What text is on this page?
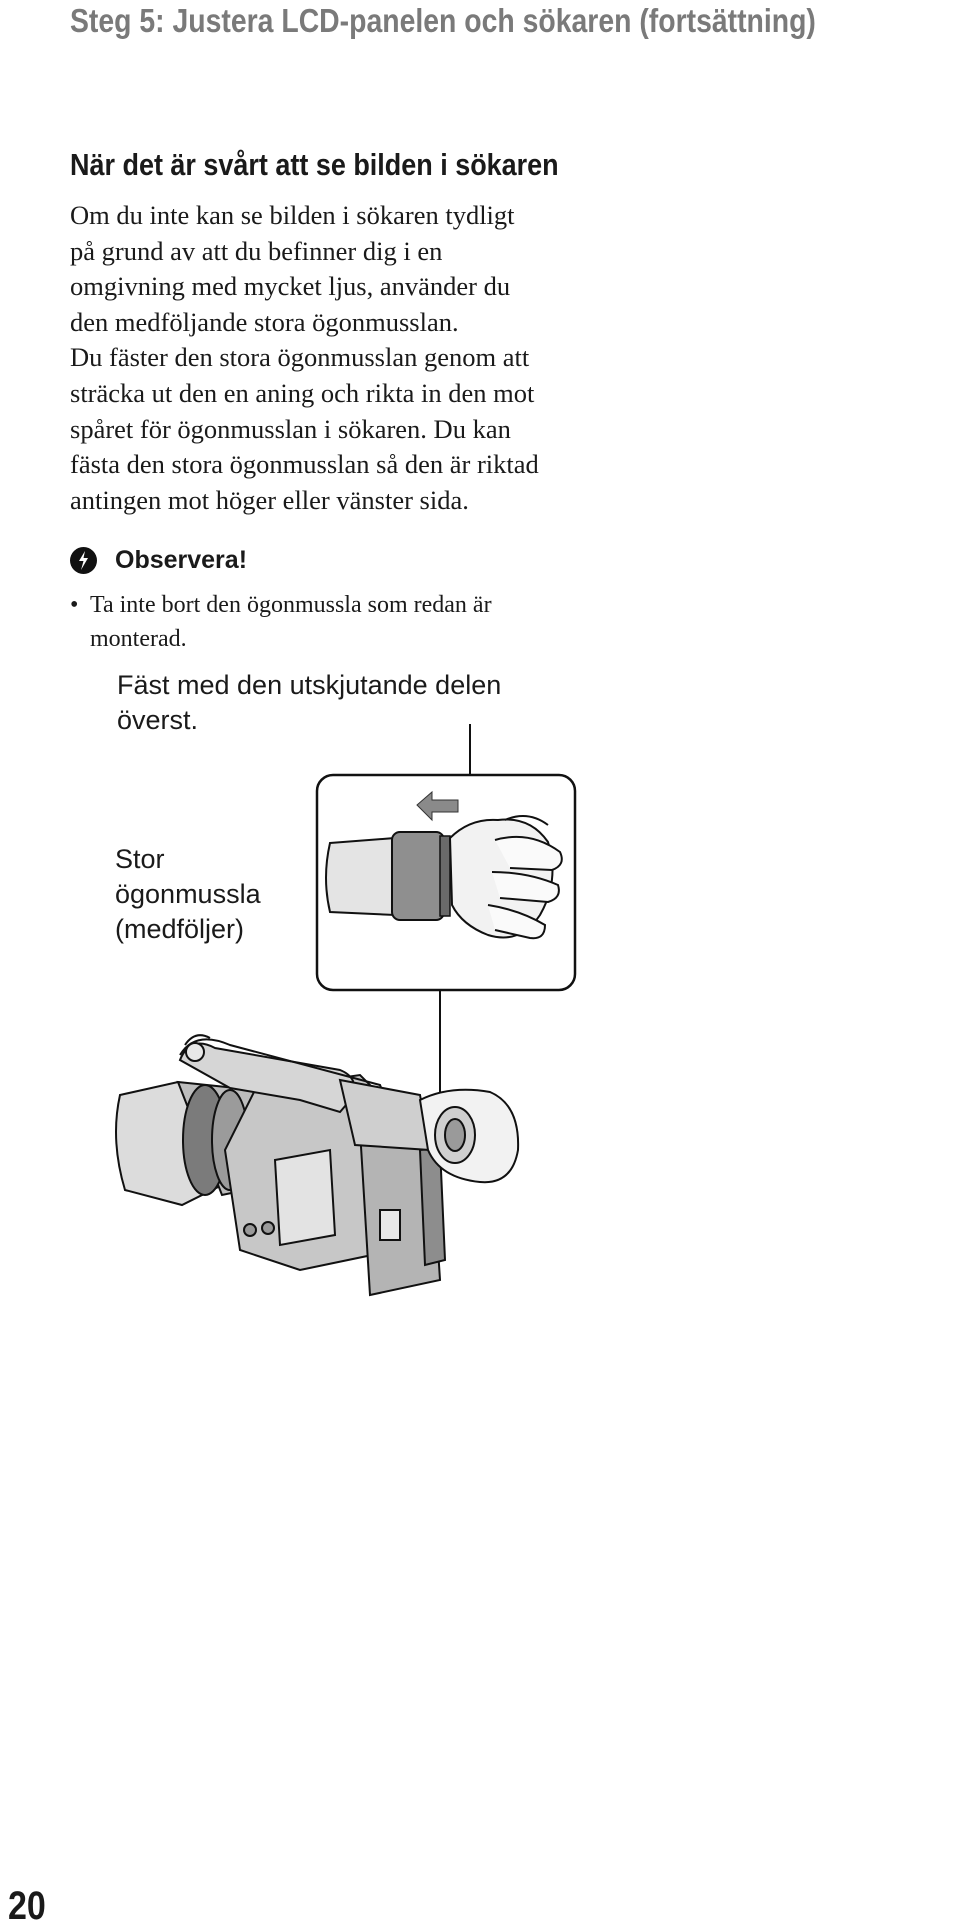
Steg 5: Justera LCD-panelen och sökaren (fortsättning)
När det är svårt att se bilden i sökaren
Om du inte kan se bilden i sökaren tydligt
på grund av att du befinner dig i en
omgivning med mycket ljus, använder du
den medföljande stora ögonmusslan.
Du fäster den stora ögonmusslan genom att
sträcka ut den en aning och rikta in den mot
spåret för ögonmusslan i sökaren. Du kan
fästa den stora ögonmusslan så den är riktad
antingen mot höger eller vänster sida.
Observera!
• Ta inte bort den ögonmussla som redan är
monterad.
Fäst med den utskjutande delen
överst.
Stor
ögonmussla
(medföljer)
20
